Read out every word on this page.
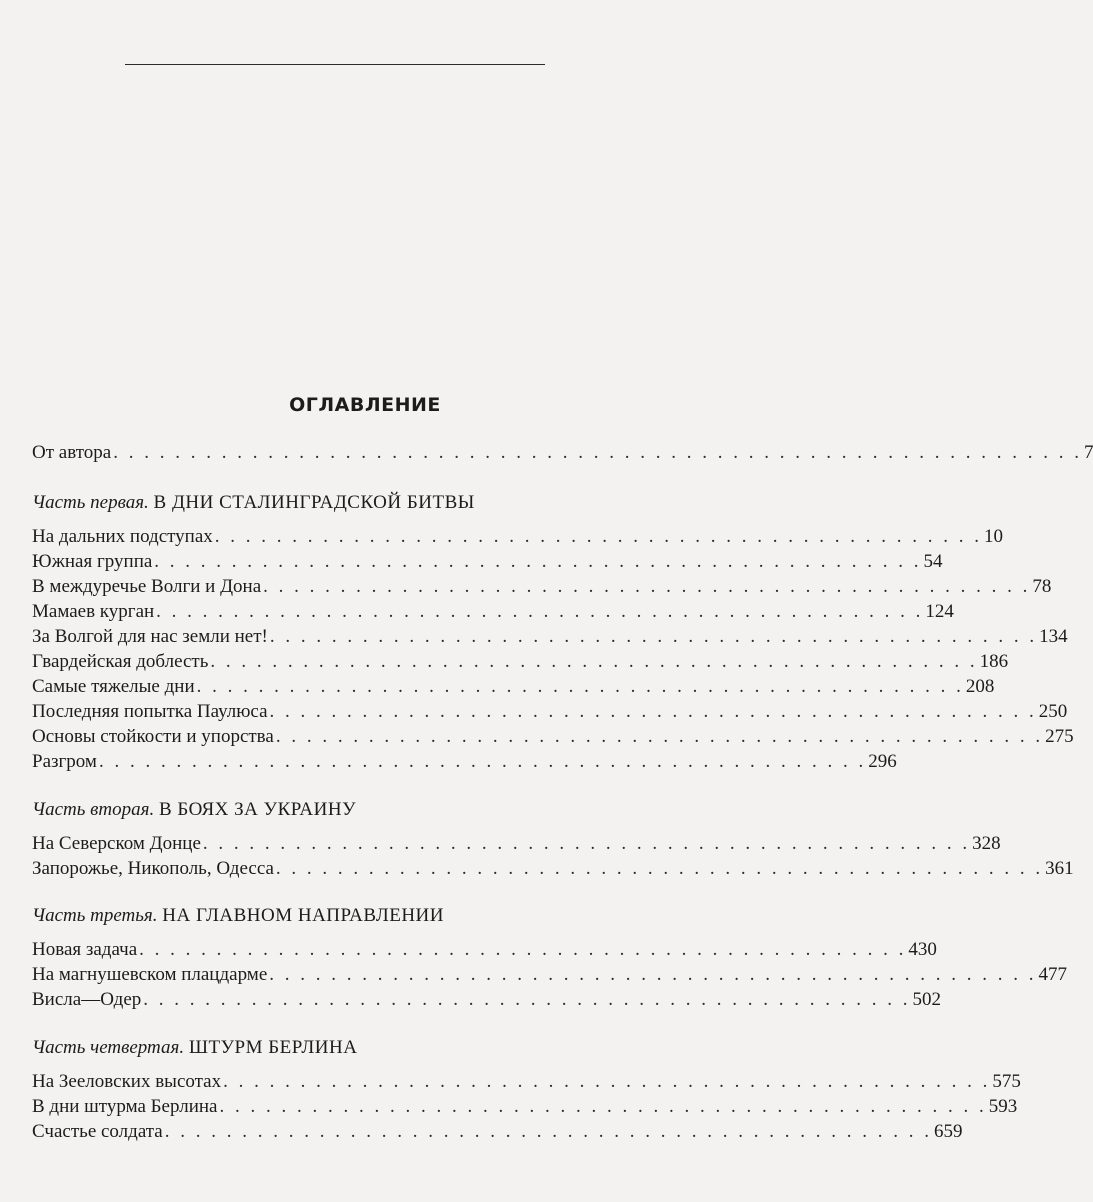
ОГЛАВЛЕНИЕ
От автора . . . . . . . . . . . . . . . . . . . . . . . . . . . . . . . . . . . . . . . . . . . . . . . . . . . . . . . . . . . . . . . 7
Часть первая. В ДНИ СТАЛИНГРАДСКОЙ БИТВЫ
На дальних подступах . . . . . . . . . . . . . . . . . . . . . . . . . . . . . . . . . . . . . . . . . . . . . . . . . . 10
Южная группа . . . . . . . . . . . . . . . . . . . . . . . . . . . . . . . . . . . . . . . . . . . . . . . . . . 54
В междуречье Волги и Дона . . . . . . . . . . . . . . . . . . . . . . . . . . . . . . . . . . . . . . . . . . . . . . . . . . 78
Мамаев курган . . . . . . . . . . . . . . . . . . . . . . . . . . . . . . . . . . . . . . . . . . . . . . . . . . 124
За Волгой для нас земли нет! . . . . . . . . . . . . . . . . . . . . . . . . . . . . . . . . . . . . . . . . . . . . . . . . . . 134
Гвардейская доблесть . . . . . . . . . . . . . . . . . . . . . . . . . . . . . . . . . . . . . . . . . . . . . . . . . . 186
Самые тяжелые дни . . . . . . . . . . . . . . . . . . . . . . . . . . . . . . . . . . . . . . . . . . . . . . . . . . 208
Последняя попытка Паулюса . . . . . . . . . . . . . . . . . . . . . . . . . . . . . . . . . . . . . . . . . . . . . . . . . . 250
Основы стойкости и упорства . . . . . . . . . . . . . . . . . . . . . . . . . . . . . . . . . . . . . . . . . . . . . . . . . . 275
Разгром . . . . . . . . . . . . . . . . . . . . . . . . . . . . . . . . . . . . . . . . . . . . . . . . . . 296
Часть вторая. В БОЯХ ЗА УКРАИНУ
На Северском Донце . . . . . . . . . . . . . . . . . . . . . . . . . . . . . . . . . . . . . . . . . . . . . . . . . . 328
Запорожье, Никополь, Одесса . . . . . . . . . . . . . . . . . . . . . . . . . . . . . . . . . . . . . . . . . . . . . . . . . . 361
Часть третья. НА ГЛАВНОМ НАПРАВЛЕНИИ
Новая задача . . . . . . . . . . . . . . . . . . . . . . . . . . . . . . . . . . . . . . . . . . . . . . . . . . 430
На магнушевском плацдарме . . . . . . . . . . . . . . . . . . . . . . . . . . . . . . . . . . . . . . . . . . . . . . . . . . 477
Висла—Одер . . . . . . . . . . . . . . . . . . . . . . . . . . . . . . . . . . . . . . . . . . . . . . . . . . 502
Часть четвертая. ШТУРМ БЕРЛИНА
На Зееловских высотах . . . . . . . . . . . . . . . . . . . . . . . . . . . . . . . . . . . . . . . . . . . . . . . . . . 575
В дни штурма Берлина . . . . . . . . . . . . . . . . . . . . . . . . . . . . . . . . . . . . . . . . . . . . . . . . . . 593
Счастье солдата . . . . . . . . . . . . . . . . . . . . . . . . . . . . . . . . . . . . . . . . . . . . . . . . . . 659
